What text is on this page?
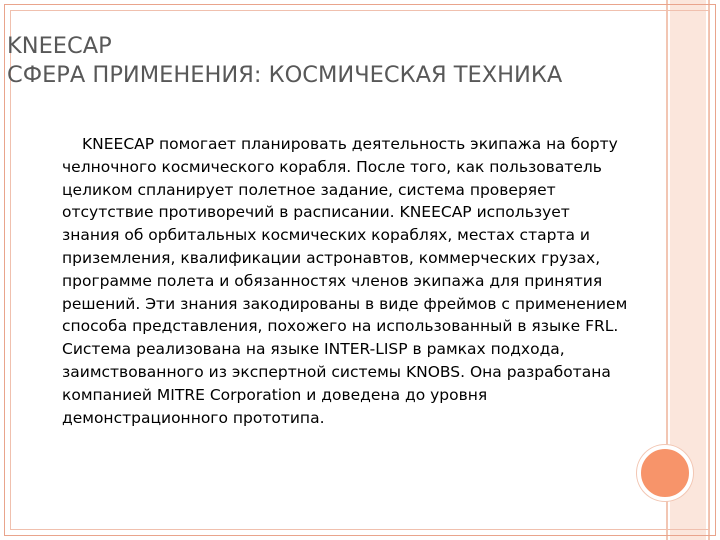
KNEECAP
СФЕРА ПРИМЕНЕНИЯ: КОСМИЧЕСКАЯ ТЕХНИКА

KNEECAP помогает планировать деятельность экипажа на борту челночного космического корабля. После того, как пользователь целиком спланирует полетное задание, система проверяет отсутствие противоречий в расписании. KNEECAP использует знания об орбитальных космических кораблях, местах старта и приземления, квалификации астронавтов, коммерческих грузах, программе полета и обязанностях членов экипажа для принятия решений. Эти знания закодированы в виде фреймов с применением способа представления, похожего на использованный в языке FRL. Система реализована на языке INTER-LISP в рамках подхода, заимствованного из экспертной системы KNOBS. Она разработана компанией MITRE Corporation и доведена до уровня демонстрационного прототипа.
